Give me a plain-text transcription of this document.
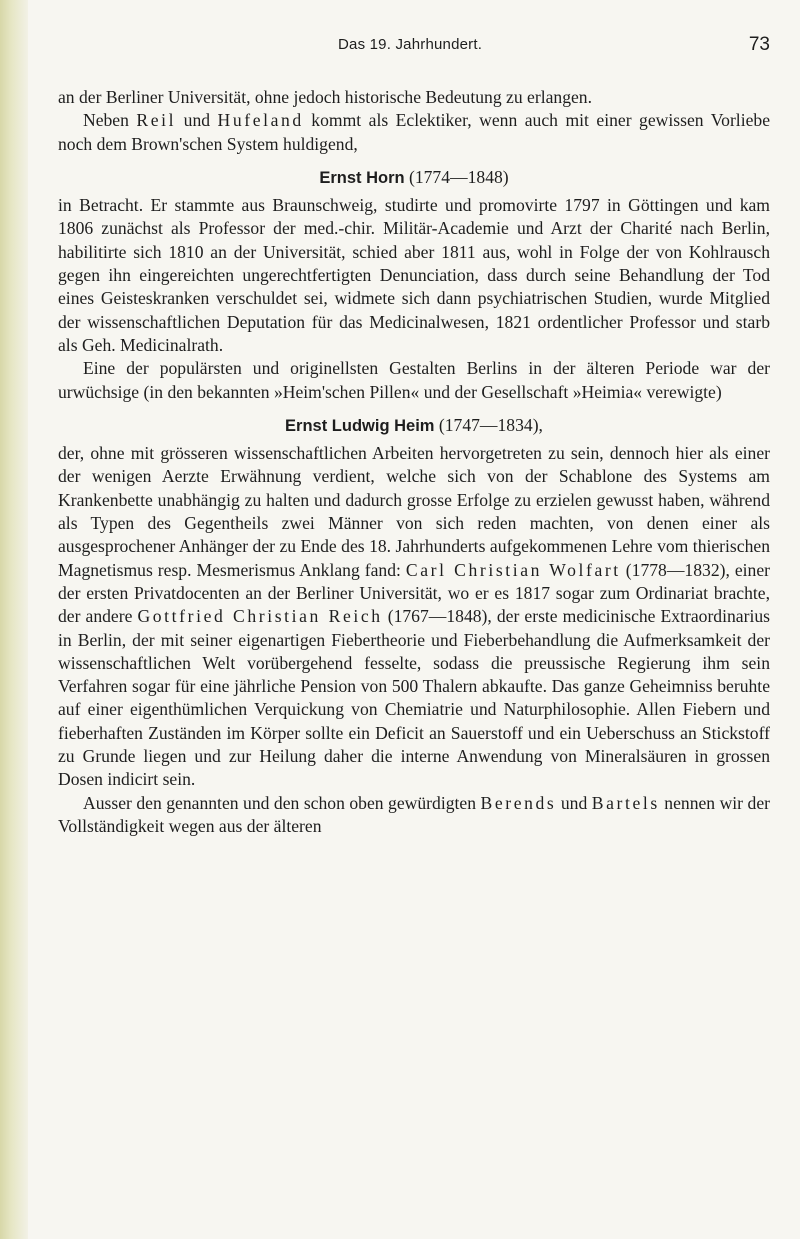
Das 19. Jahrhundert.	73

an der Berliner Universität, ohne jedoch historische Bedeutung zu erlangen.

Neben Reil und Hufeland kommt als Eclektiker, wenn auch mit einer gewissen Vorliebe noch dem Brown'schen System huldigend,

Ernst Horn (1774—1848)

in Betracht. Er stammte aus Braunschweig, studirte und promovirte 1797 in Göttingen und kam 1806 zunächst als Professor der med.-chir. Militär-Academie und Arzt der Charité nach Berlin, habilitirte sich 1810 an der Universität, schied aber 1811 aus, wohl in Folge der von Kohlrausch gegen ihn eingereichten ungerechtfertigten Denunciation, dass durch seine Behandlung der Tod eines Geisteskranken verschuldet sei, widmete sich dann psychiatrischen Studien, wurde Mitglied der wissenschaftlichen Deputation für das Medicinalwesen, 1821 ordentlicher Professor und starb als Geh. Medicinalrath.

Eine der populärsten und originellsten Gestalten Berlins in der älteren Periode war der urwüchsige (in den bekannten »Heim'schen Pillen« und der Gesellschaft »Heimia« verewigte)

Ernst Ludwig Heim (1747—1834),

der, ohne mit grösseren wissenschaftlichen Arbeiten hervorgetreten zu sein, dennoch hier als einer der wenigen Aerzte Erwähnung verdient, welche sich von der Schablone des Systems am Krankenbette unabhängig zu halten und dadurch grosse Erfolge zu erzielen gewusst haben, während als Typen des Gegentheils zwei Männer von sich reden machten, von denen einer als ausgesprochener Anhänger der zu Ende des 18. Jahrhunderts aufgekommenen Lehre vom thierischen Magnetismus resp. Mesmerismus Anklang fand: Carl Christian Wolfart (1778—1832), einer der ersten Privatdocenten an der Berliner Universität, wo er es 1817 sogar zum Ordinariat brachte, der andere Gottfried Christian Reich (1767—1848), der erste medicinische Extraordinarius in Berlin, der mit seiner eigenartigen Fiebertheorie und Fieberbehandlung die Aufmerksamkeit der wissenschaftlichen Welt vorübergehend fesselte, sodass die preussische Regierung ihm sein Verfahren sogar für eine jährliche Pension von 500 Thalern abkaufte. Das ganze Geheimniss beruhte auf einer eigenthümlichen Verquickung von Chemiatrie und Naturphilosophie. Allen Fiebern und fieberhaften Zuständen im Körper sollte ein Deficit an Sauerstoff und ein Ueberschuss an Stickstoff zu Grunde liegen und zur Heilung daher die interne Anwendung von Mineralsäuren in grossen Dosen indicirt sein.

Ausser den genannten und den schon oben gewürdigten Berends und Bartels nennen wir der Vollständigkeit wegen aus der älteren
